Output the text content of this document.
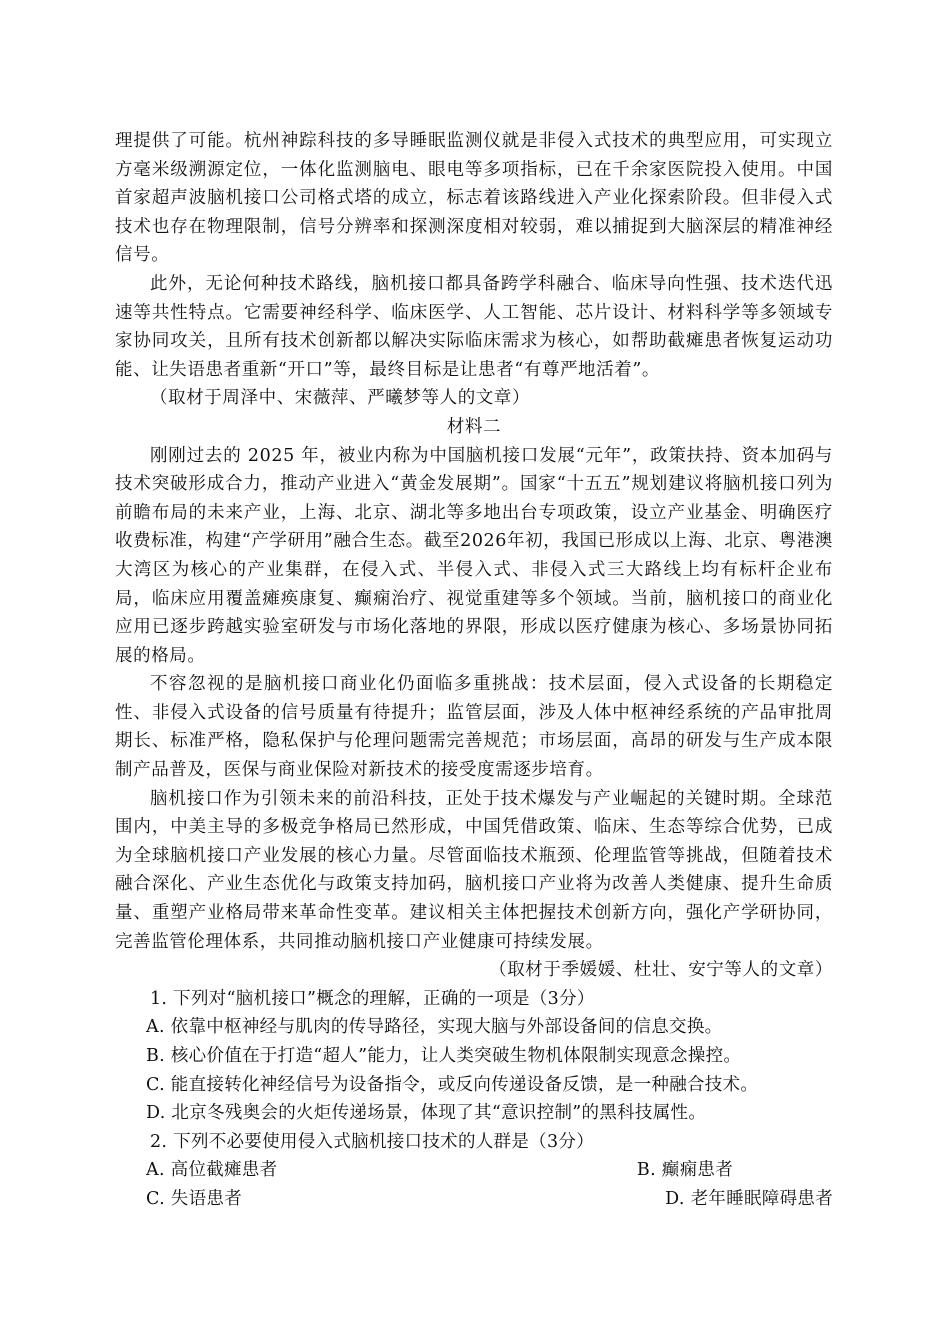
理提供了可能。杭州神踪科技的多导睡眠监测仪就是非侵入式技术的典型应用，可实现立方毫米级溯源定位，一体化监测脑电、眼电等多项指标，已在千余家医院投入使用。中国首家超声波脑机接口公司格式塔的成立，标志着该路线进入产业化探索阶段。但非侵入式技术也存在物理限制，信号分辨率和探测深度相对较弱，难以捕捉到大脑深层的精准神经信号。

此外，无论何种技术路线，脑机接口都具备跨学科融合、临床导向性强、技术迭代迅速等共性特点。它需要神经科学、临床医学、人工智能、芯片设计、材料科学等多领域专家协同攻关，且所有技术创新都以解决实际临床需求为核心，如帮助截瘫患者恢复运动功能、让失语患者重新“开口”等，最终目标是让患者“有尊严地活着”。

（取材于周泽中、宋薇萍、严曦梦等人的文章）

材料二

刚刚过去的 2025 年，被业内称为中国脑机接口发展“元年”，政策扶持、资本加码与技术突破形成合力，推动产业进入“黄金发展期”。国家“十五五”规划建议将脑机接口列为前瞻布局的未来产业，上海、北京、湖北等多地出台专项政策，设立产业基金、明确医疗收费标准，构建“产学研用”融合生态。截至2026年初，我国已形成以上海、北京、粤港澳大湾区为核心的产业集群，在侵入式、半侵入式、非侵入式三大路线上均有标杆企业布局，临床应用覆盖瘫痪康复、癫痫治疗、视觉重建等多个领域。当前，脑机接口的商业化应用已逐步跨越实验室研发与市场化落地的界限，形成以医疗健康为核心、多场景协同拓展的格局。

不容忽视的是脑机接口商业化仍面临多重挑战：技术层面，侵入式设备的长期稳定性、非侵入式设备的信号质量有待提升；监管层面，涉及人体中枢神经系统的产品审批周期长、标准严格，隐私保护与伦理问题需完善规范；市场层面，高昂的研发与生产成本限制产品普及，医保与商业保险对新技术的接受度需逐步培育。

脑机接口作为引领未来的前沿科技，正处于技术爆发与产业崛起的关键时期。全球范围内，中美主导的多极竞争格局已然形成，中国凭借政策、临床、生态等综合优势，已成为全球脑机接口产业发展的核心力量。尽管面临技术瓶颈、伦理监管等挑战，但随着技术融合深化、产业生态优化与政策支持加码，脑机接口产业将为改善人类健康、提升生命质量、重塑产业格局带来革命性变革。建议相关主体把握技术创新方向，强化产学研协同，完善监管伦理体系，共同推动脑机接口产业健康可持续发展。

（取材于季媛媛、杜壮、安宁等人的文章）

1. 下列对“脑机接口”概念的理解，正确的一项是（3分）

A. 依靠中枢神经与肌肉的传导路径，实现大脑与外部设备间的信息交换。

B. 核心价值在于打造“超人”能力，让人类突破生物机体限制实现意念操控。

C. 能直接转化神经信号为设备指令，或反向传递设备反馈，是一种融合技术。

D. 北京冬残奥会的火炬传递场景，体现了其“意识控制”的黑科技属性。

2. 下列不必要使用侵入式脑机接口技术的人群是（3分）

A. 高位截瘫患者	B. 癫痫患者
C. 失语患者	D. 老年睡眠障碍患者
